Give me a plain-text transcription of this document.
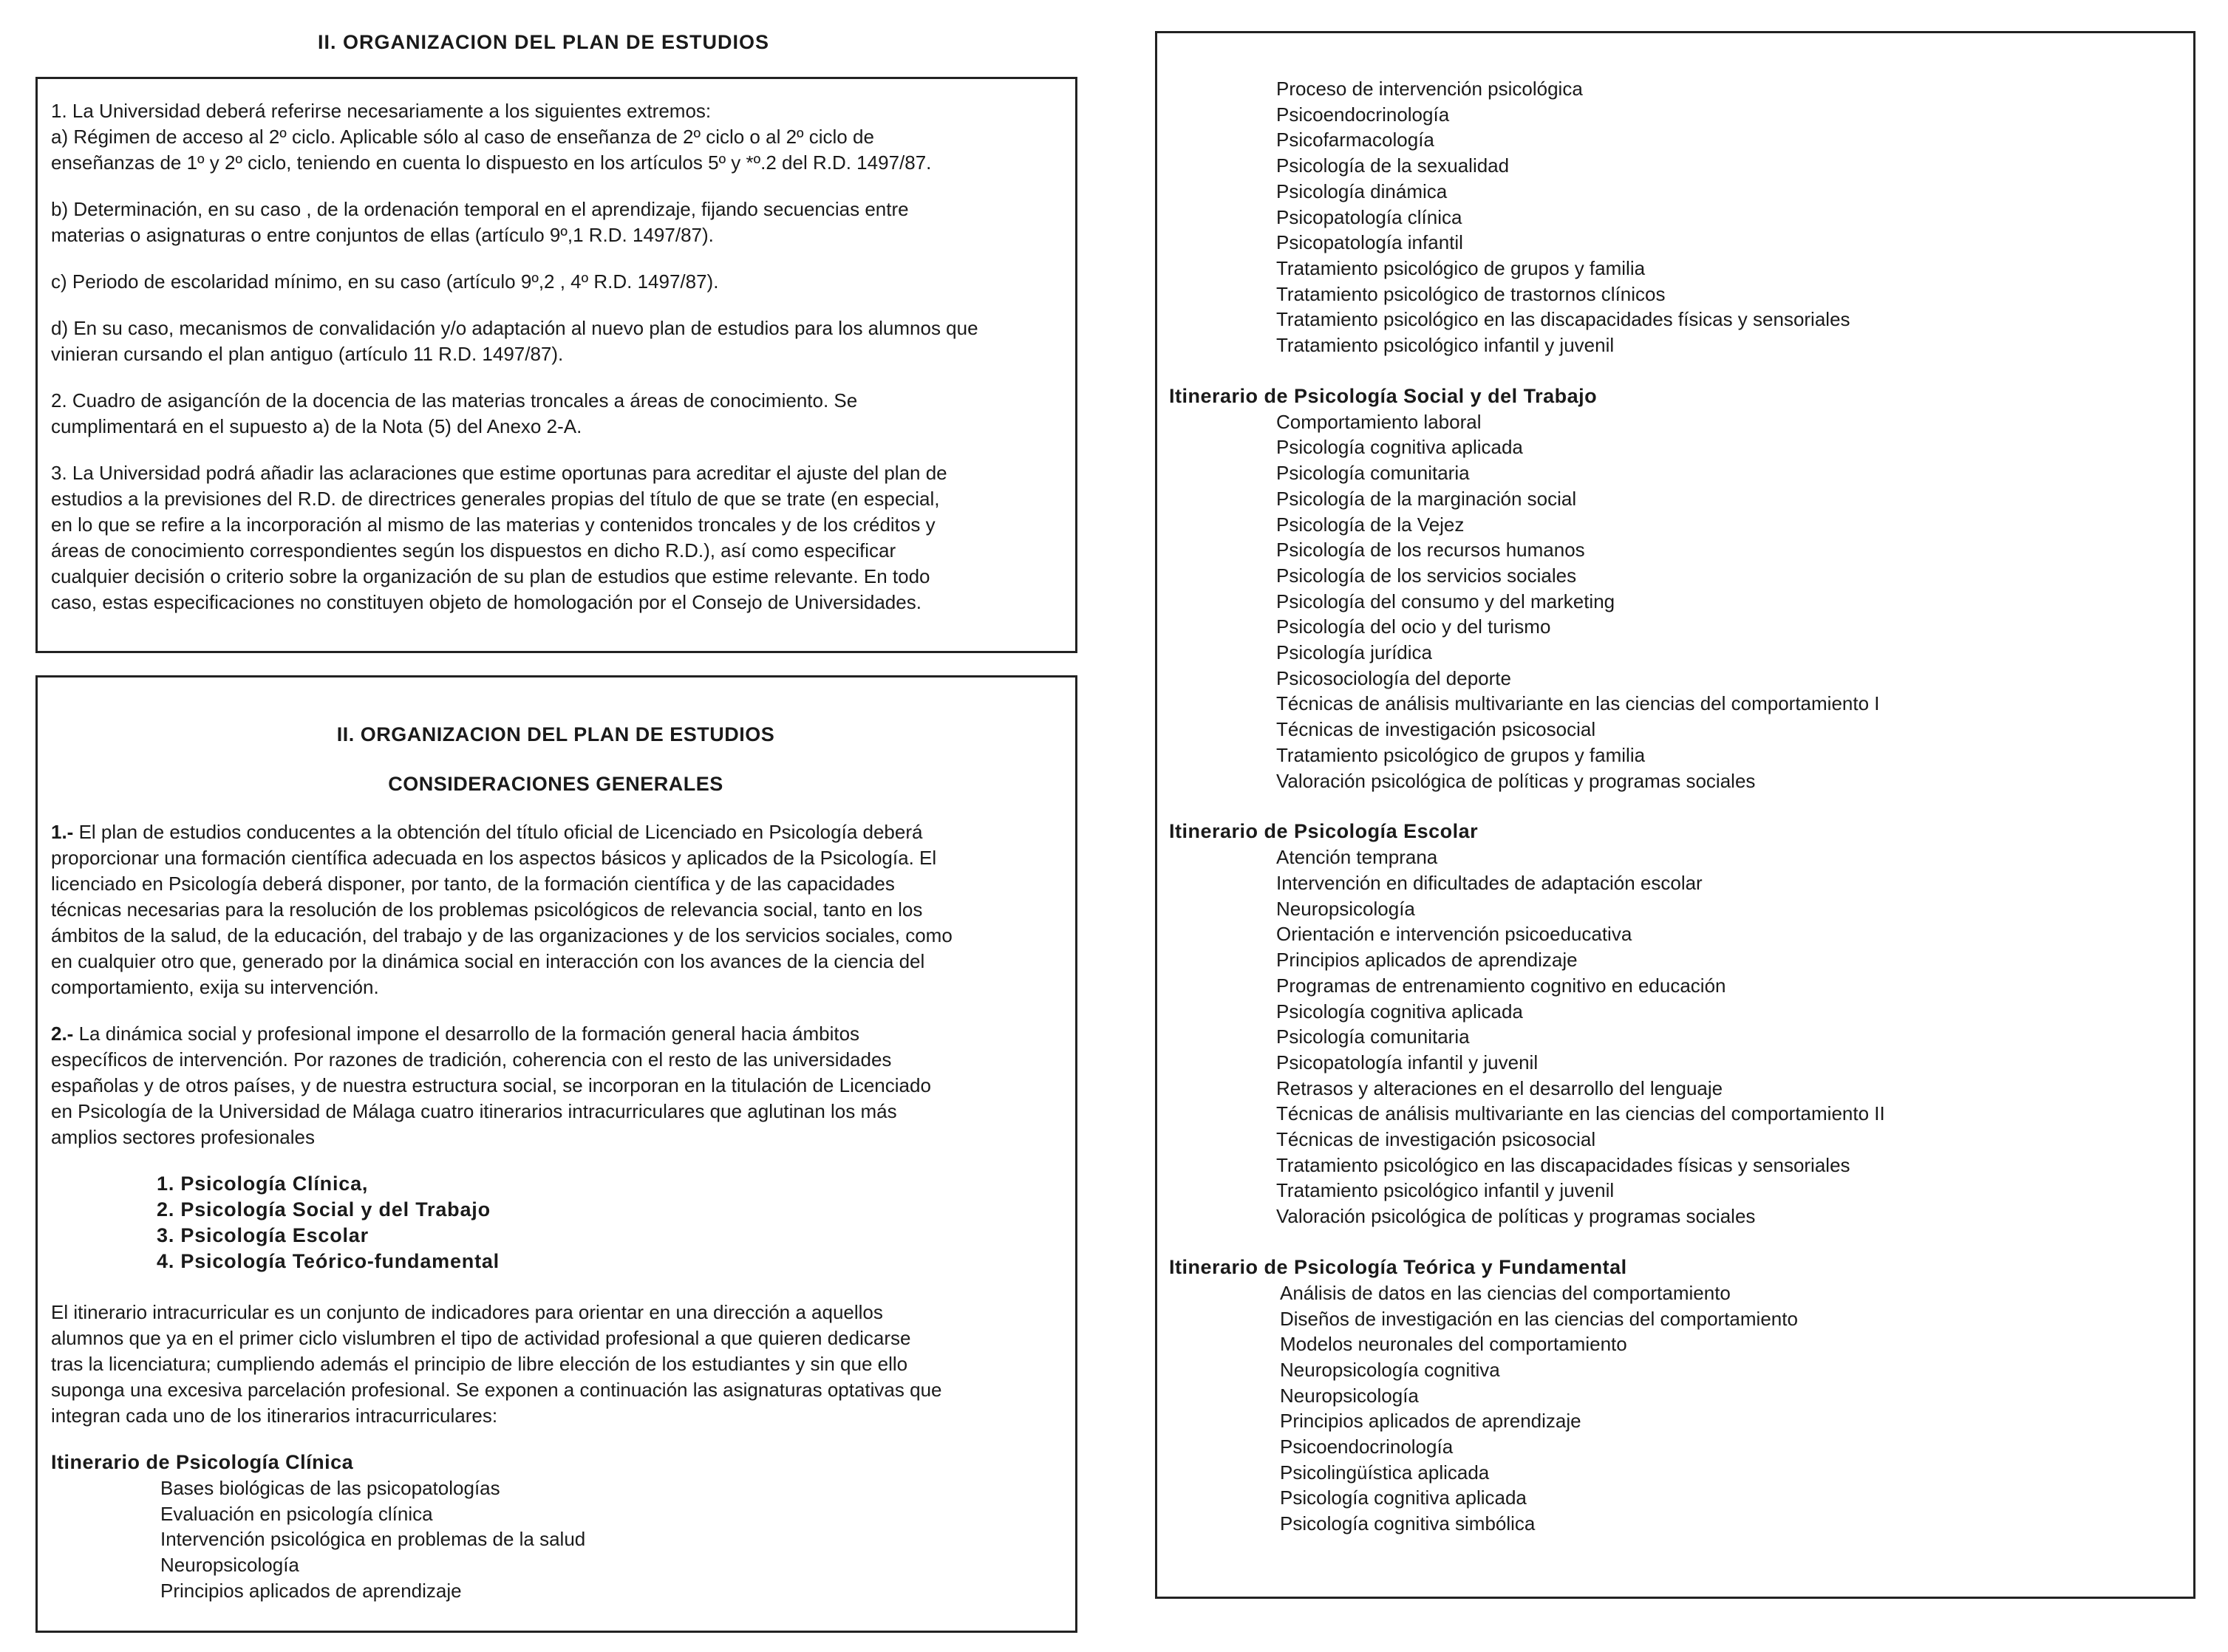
II. ORGANIZACION DEL PLAN DE ESTUDIOS
1. La Universidad deberá referirse necesariamente a los siguientes extremos:
a) Régimen de acceso al 2º ciclo. Aplicable sólo al caso de enseñanza de 2º ciclo o al 2º ciclo de
enseñanzas de 1º y 2º ciclo, teniendo en cuenta lo dispuesto en los artículos 5º y *º.2 del R.D. 1497/87.
b) Determinación, en su caso , de la ordenación temporal en el aprendizaje, fijando secuencias entre
materias o asignaturas o entre conjuntos de ellas (artículo 9º,1 R.D. 1497/87).
c) Periodo de escolaridad mínimo, en su caso (artículo 9º,2 , 4º R.D. 1497/87).
d) En su caso, mecanismos de convalidación y/o adaptación al nuevo plan de estudios para los alumnos que
vinieran cursando el plan antiguo (artículo 11 R.D. 1497/87).
2. Cuadro de asigancíón de la docencia de las materias troncales a áreas de conocimiento. Se
cumplimentará en el supuesto a) de la Nota (5) del Anexo 2-A.
3. La Universidad podrá añadir las aclaraciones que estime oportunas para acreditar el ajuste del plan de
estudios a la previsiones del R.D. de directrices generales propias del título de que se trate (en especial,
en lo que se refire a la incorporación al mismo de las materias y contenidos troncales y de los créditos y
áreas de conocimiento correspondientes según los dispuestos en dicho R.D.), así como especificar
cualquier decisión o criterio sobre la organización de su plan de estudios que estime relevante. En todo
caso, estas especificaciones no constituyen objeto de homologación por el Consejo de Universidades.
II. ORGANIZACION DEL PLAN DE ESTUDIOS
CONSIDERACIONES GENERALES
1.- El plan de estudios conducentes a la obtención del título oficial de Licenciado en Psicología deberá
proporcionar una formación científica adecuada en los aspectos básicos y aplicados de la Psicología. El
licenciado en Psicología deberá disponer, por tanto, de la formación científica y de las capacidades
técnicas necesarias para la resolución de los problemas psicológicos de relevancia social, tanto en los
ámbitos de la salud, de la educación, del trabajo y de las organizaciones y de los servicios sociales, como
en cualquier otro que, generado por la dinámica social en interacción con los avances de la ciencia del
comportamiento, exija su intervención.
2.- La dinámica social y profesional impone el desarrollo de la formación general hacia ámbitos
específicos de intervención. Por razones de tradición, coherencia con el resto de las universidades
españolas y de otros países, y de nuestra estructura social, se incorporan en la titulación de Licenciado
en Psicología de la Universidad de Málaga cuatro itinerarios intracurriculares que aglutinan los más
amplios sectores profesionales
1. Psicología Clínica,
2. Psicología Social y del Trabajo
3. Psicología Escolar
4. Psicología Teórico-fundamental
El itinerario intracurricular es un conjunto de indicadores para orientar en una dirección a aquellos
alumnos que ya en el primer ciclo vislumbren el tipo de actividad profesional a que quieren dedicarse
tras la licenciatura; cumpliendo además el principio de libre elección de los estudiantes y sin que ello
suponga una excesiva parcelación profesional. Se exponen a continuación las asignaturas optativas que
integran cada uno de los itinerarios intracurriculares:
Itinerario de Psicología Clínica
Bases biológicas de las psicopatologías
Evaluación en psicología clínica
Intervención psicológica en problemas de la salud
Neuropsicología
Principios aplicados de aprendizaje
Proceso de intervención psicológica
Psicoendocrinología
Psicofarmacología
Psicología de la sexualidad
Psicología dinámica
Psicopatología clínica
Psicopatología infantil
Tratamiento psicológico de grupos y familia
Tratamiento psicológico de trastornos clínicos
Tratamiento psicológico en las discapacidades físicas y sensoriales
Tratamiento psicológico infantil y juvenil
Itinerario de Psicología Social y del Trabajo
Comportamiento laboral
Psicología cognitiva aplicada
Psicología comunitaria
Psicología de la marginación social
Psicología de la Vejez
Psicología de los recursos humanos
Psicología de los servicios sociales
Psicología del consumo y del marketing
Psicología del ocio y del turismo
Psicología jurídica
Psicosociología del deporte
Técnicas de análisis multivariante en las ciencias del comportamiento I
Técnicas de investigación psicosocial
Tratamiento psicológico de grupos y familia
Valoración psicológica de políticas y programas sociales
Itinerario de Psicología Escolar
Atención temprana
Intervención en dificultades de adaptación escolar
Neuropsicología
Orientación e intervención psicoeducativa
Principios aplicados de aprendizaje
Programas de entrenamiento cognitivo en educación
Psicología cognitiva aplicada
Psicología comunitaria
Psicopatología infantil y juvenil
Retrasos y alteraciones en el desarrollo del lenguaje
Técnicas de análisis multivariante en las ciencias del comportamiento II
Técnicas de investigación psicosocial
Tratamiento psicológico en las discapacidades físicas y sensoriales
Tratamiento psicológico infantil y juvenil
Valoración psicológica de políticas y programas sociales
Itinerario de Psicología Teórica y Fundamental
Análisis de datos en las ciencias del comportamiento
Diseños de investigación en las ciencias del comportamiento
Modelos neuronales del comportamiento
Neuropsicología cognitiva
Neuropsicología
Principios aplicados de aprendizaje
Psicoendocrinología
Psicolingüística aplicada
Psicología cognitiva aplicada
Psicología cognitiva simbólica
